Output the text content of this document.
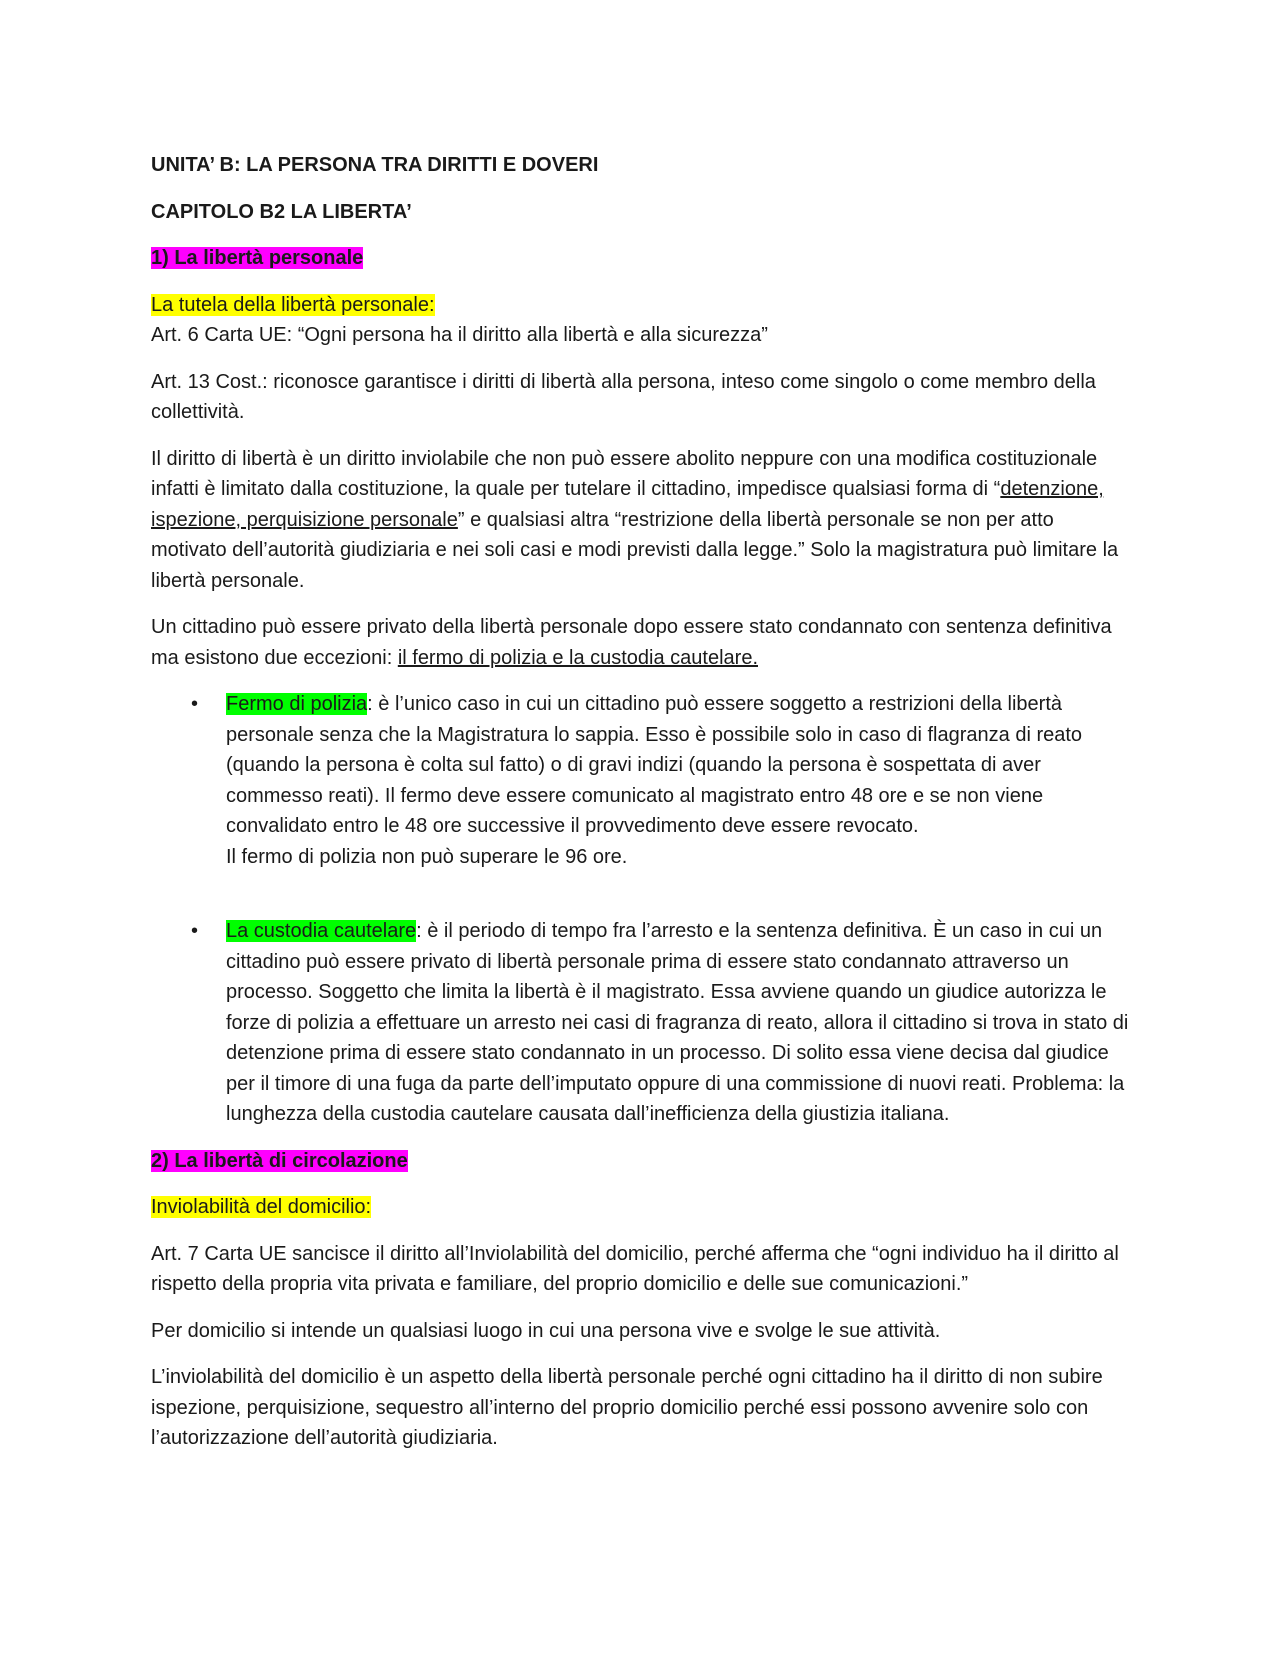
UNITA’ B: LA PERSONA TRA DIRITTI E DOVERI
CAPITOLO B2 LA LIBERTA’
1) La libertà personale
La tutela della libertà personale:
Art. 6 Carta UE: “Ogni persona ha il diritto alla libertà e alla sicurezza”
Art. 13 Cost.: riconosce garantisce i diritti di libertà alla persona, inteso come singolo o come membro della collettività.
Il diritto di libertà è un diritto inviolabile che non può essere abolito neppure con una modifica costituzionale infatti è limitato dalla costituzione, la quale per tutelare il cittadino, impedisce qualsiasi forma di “detenzione, ispezione, perquisizione personale” e qualsiasi altra “restrizione della libertà personale se non per atto motivato dell’autorità giudiziaria e nei soli casi e modi previsti dalla legge.” Solo la magistratura può limitare la libertà personale.
Un cittadino può essere privato della libertà personale dopo essere stato condannato con sentenza definitiva ma esistono due eccezioni: il fermo di polizia e la custodia cautelare.
• Fermo di polizia: è l’unico caso in cui un cittadino può essere soggetto a restrizioni della libertà personale senza che la Magistratura lo sappia. Esso è possibile solo in caso di flagranza di reato (quando la persona è colta sul fatto) o di gravi indizi (quando la persona è sospettata di aver commesso reati). Il fermo deve essere comunicato al magistrato entro 48 ore e se non viene convalidato entro le 48 ore successive il provvedimento deve essere revocato.
Il fermo di polizia non può superare le 96 ore.
• La custodia cautelare: è il periodo di tempo fra l’arresto e la sentenza definitiva. È un caso in cui un cittadino può essere privato di libertà personale prima di essere stato condannato attraverso un processo. Soggetto che limita la libertà è il magistrato. Essa avviene quando un giudice autorizza le forze di polizia a effettuare un arresto nei casi di fragranza di reato, allora il cittadino si trova in stato di detenzione prima di essere stato condannato in un processo. Di solito essa viene decisa dal giudice per il timore di una fuga da parte dell’imputato oppure di una commissione di nuovi reati. Problema: la lunghezza della custodia cautelare causata dall’inefficienza della giustizia italiana.
2) La libertà di circolazione
Inviolabilità del domicilio:
Art. 7 Carta UE sancisce il diritto all’Inviolabilità del domicilio, perché afferma che “ogni individuo ha il diritto al rispetto della propria vita privata e familiare, del proprio domicilio e delle sue comunicazioni.”
Per domicilio si intende un qualsiasi luogo in cui una persona vive e svolge le sue attività.
L’inviolabilità del domicilio è un aspetto della libertà personale perché ogni cittadino ha il diritto di non subire ispezione, perquisizione, sequestro all’interno del proprio domicilio perché essi possono avvenire solo con l’autorizzazione dell’autorità giudiziaria.
